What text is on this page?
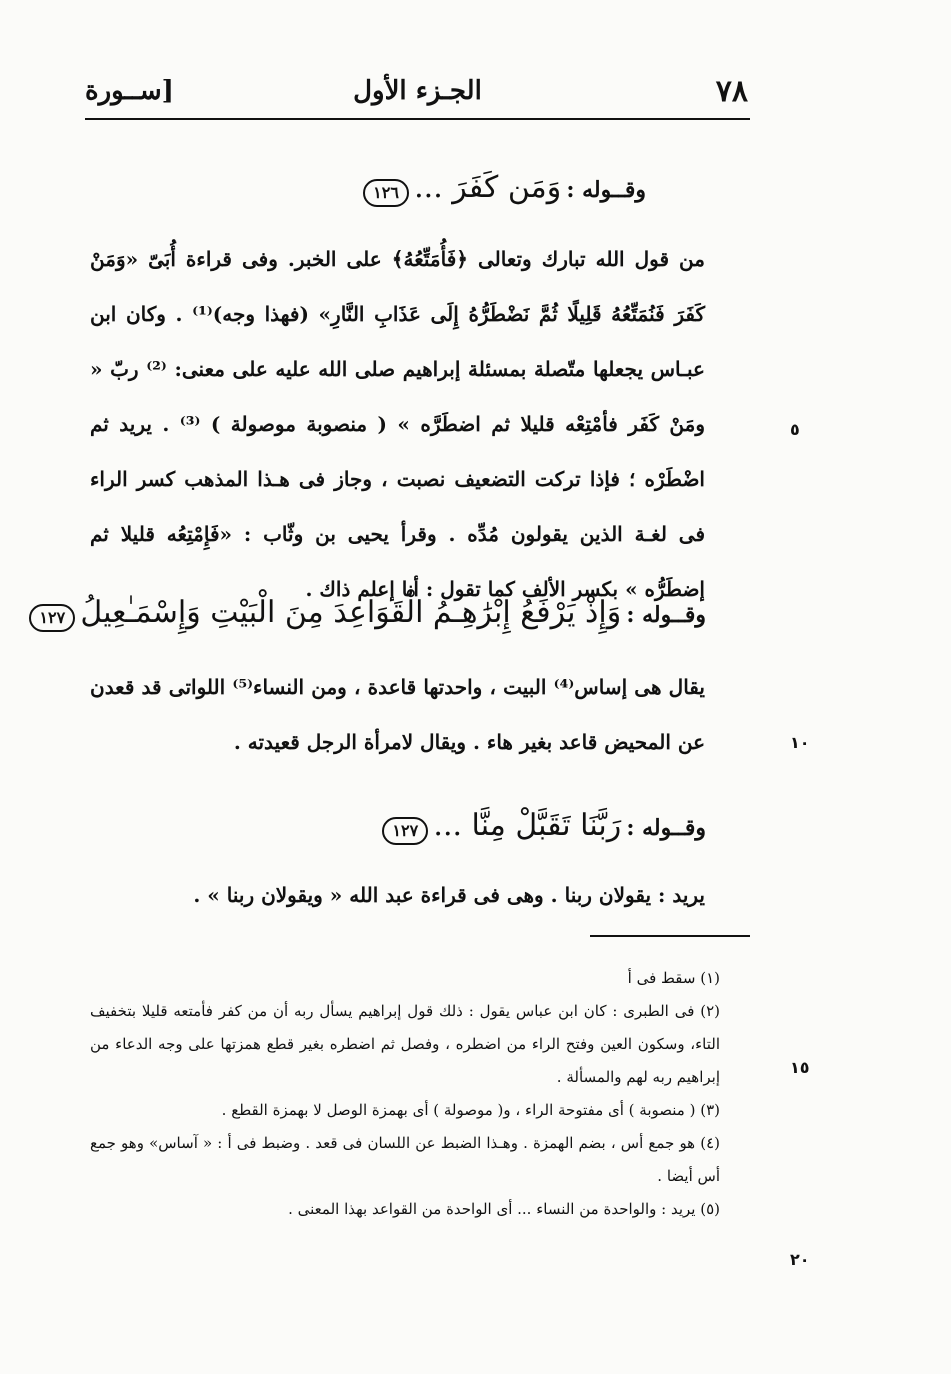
٧٨
الجـزء الأول
[ســورة
وقــوله : وَمَن كَفَرَ ... ١٢٦
من قول الله تبارك وتعالى ﴿فَأُمَتِّعُهُ﴾ على الخبر. وفى قراءة أُبَىّ «وَمَنْ كَفَرَ فَنُمَتِّعُهُ قَلِيلًا ثُمَّ نَضْطَرُّهُ إِلَى عَذَابِ النَّارِ» (فهذا وجه)⁽¹⁾ . وكان ابن عبـاس يجعلها متّصلة بمسئلة إبراهيم صلى الله عليه على معنى: ⁽²⁾ ربّ « ومَنْ كَفَر فأمْتِعْه قليلا ثم اضطَرَّه » ( منصوبة موصولة ) ⁽³⁾ . يريد ثم اضْطَرْه ؛ فإذا تركت التضعيف نصبت ، وجاز فى هـذا المذهب كسر الراء فى لغـة الذين يقولون مُدِّه . وقرأ يحيى بن وثّاب : «فَإِمْتِعُه قليلا ثم إضطَرُّه » بكسر الألف كما تقول : أنا إعلم ذاك .
وقــوله : وَإِذْ يَرْفَعُ إِبْرَٰهِـمُ الْقَوَاعِدَ مِنَ الْبَيْتِ وَإِسْمَـٰعِيلُ ١٢٧
يقال هى إساس⁽⁴⁾ البيت ، واحدتها قاعدة ، ومن النساء⁽⁵⁾ اللواتى قد قعدن عن المحيض قاعد بغير هاء . ويقال لامرأة الرجل قعيدته .
وقــوله : رَبَّنَا تَقَبَّلْ مِنَّا ... ١٢٧
يريد : يقولان ربنا . وهى فى قراءة عبد الله « ويقولان ربنا » .
٥
١٠
١٥
٢٠
(١) سقط فى أ
(٢) فى الطبرى : كان ابن عباس يقول : ذلك قول إبراهيم يسأل ربه أن من كفر فأمتعه قليلا بتخفيف التاء، وسكون العين وفتح الراء من اضطره ، وفصل ثم اضطره بغير قطع همزتها على وجه الدعاء من إبراهيم ربه لهم والمسألة .
(٣) ( منصوبة ) أى مفتوحة الراء ، و( موصولة ) أى بهمزة الوصل لا بهمزة القطع .
(٤) هو جمع أس ، بضم الهمزة . وهـذا الضبط عن اللسان فى قعد . وضبط فى أ : « آساس» وهو جمع أس أيضا .
(٥) يريد : والواحدة من النساء ... أى الواحدة من القواعد بهذا المعنى .
